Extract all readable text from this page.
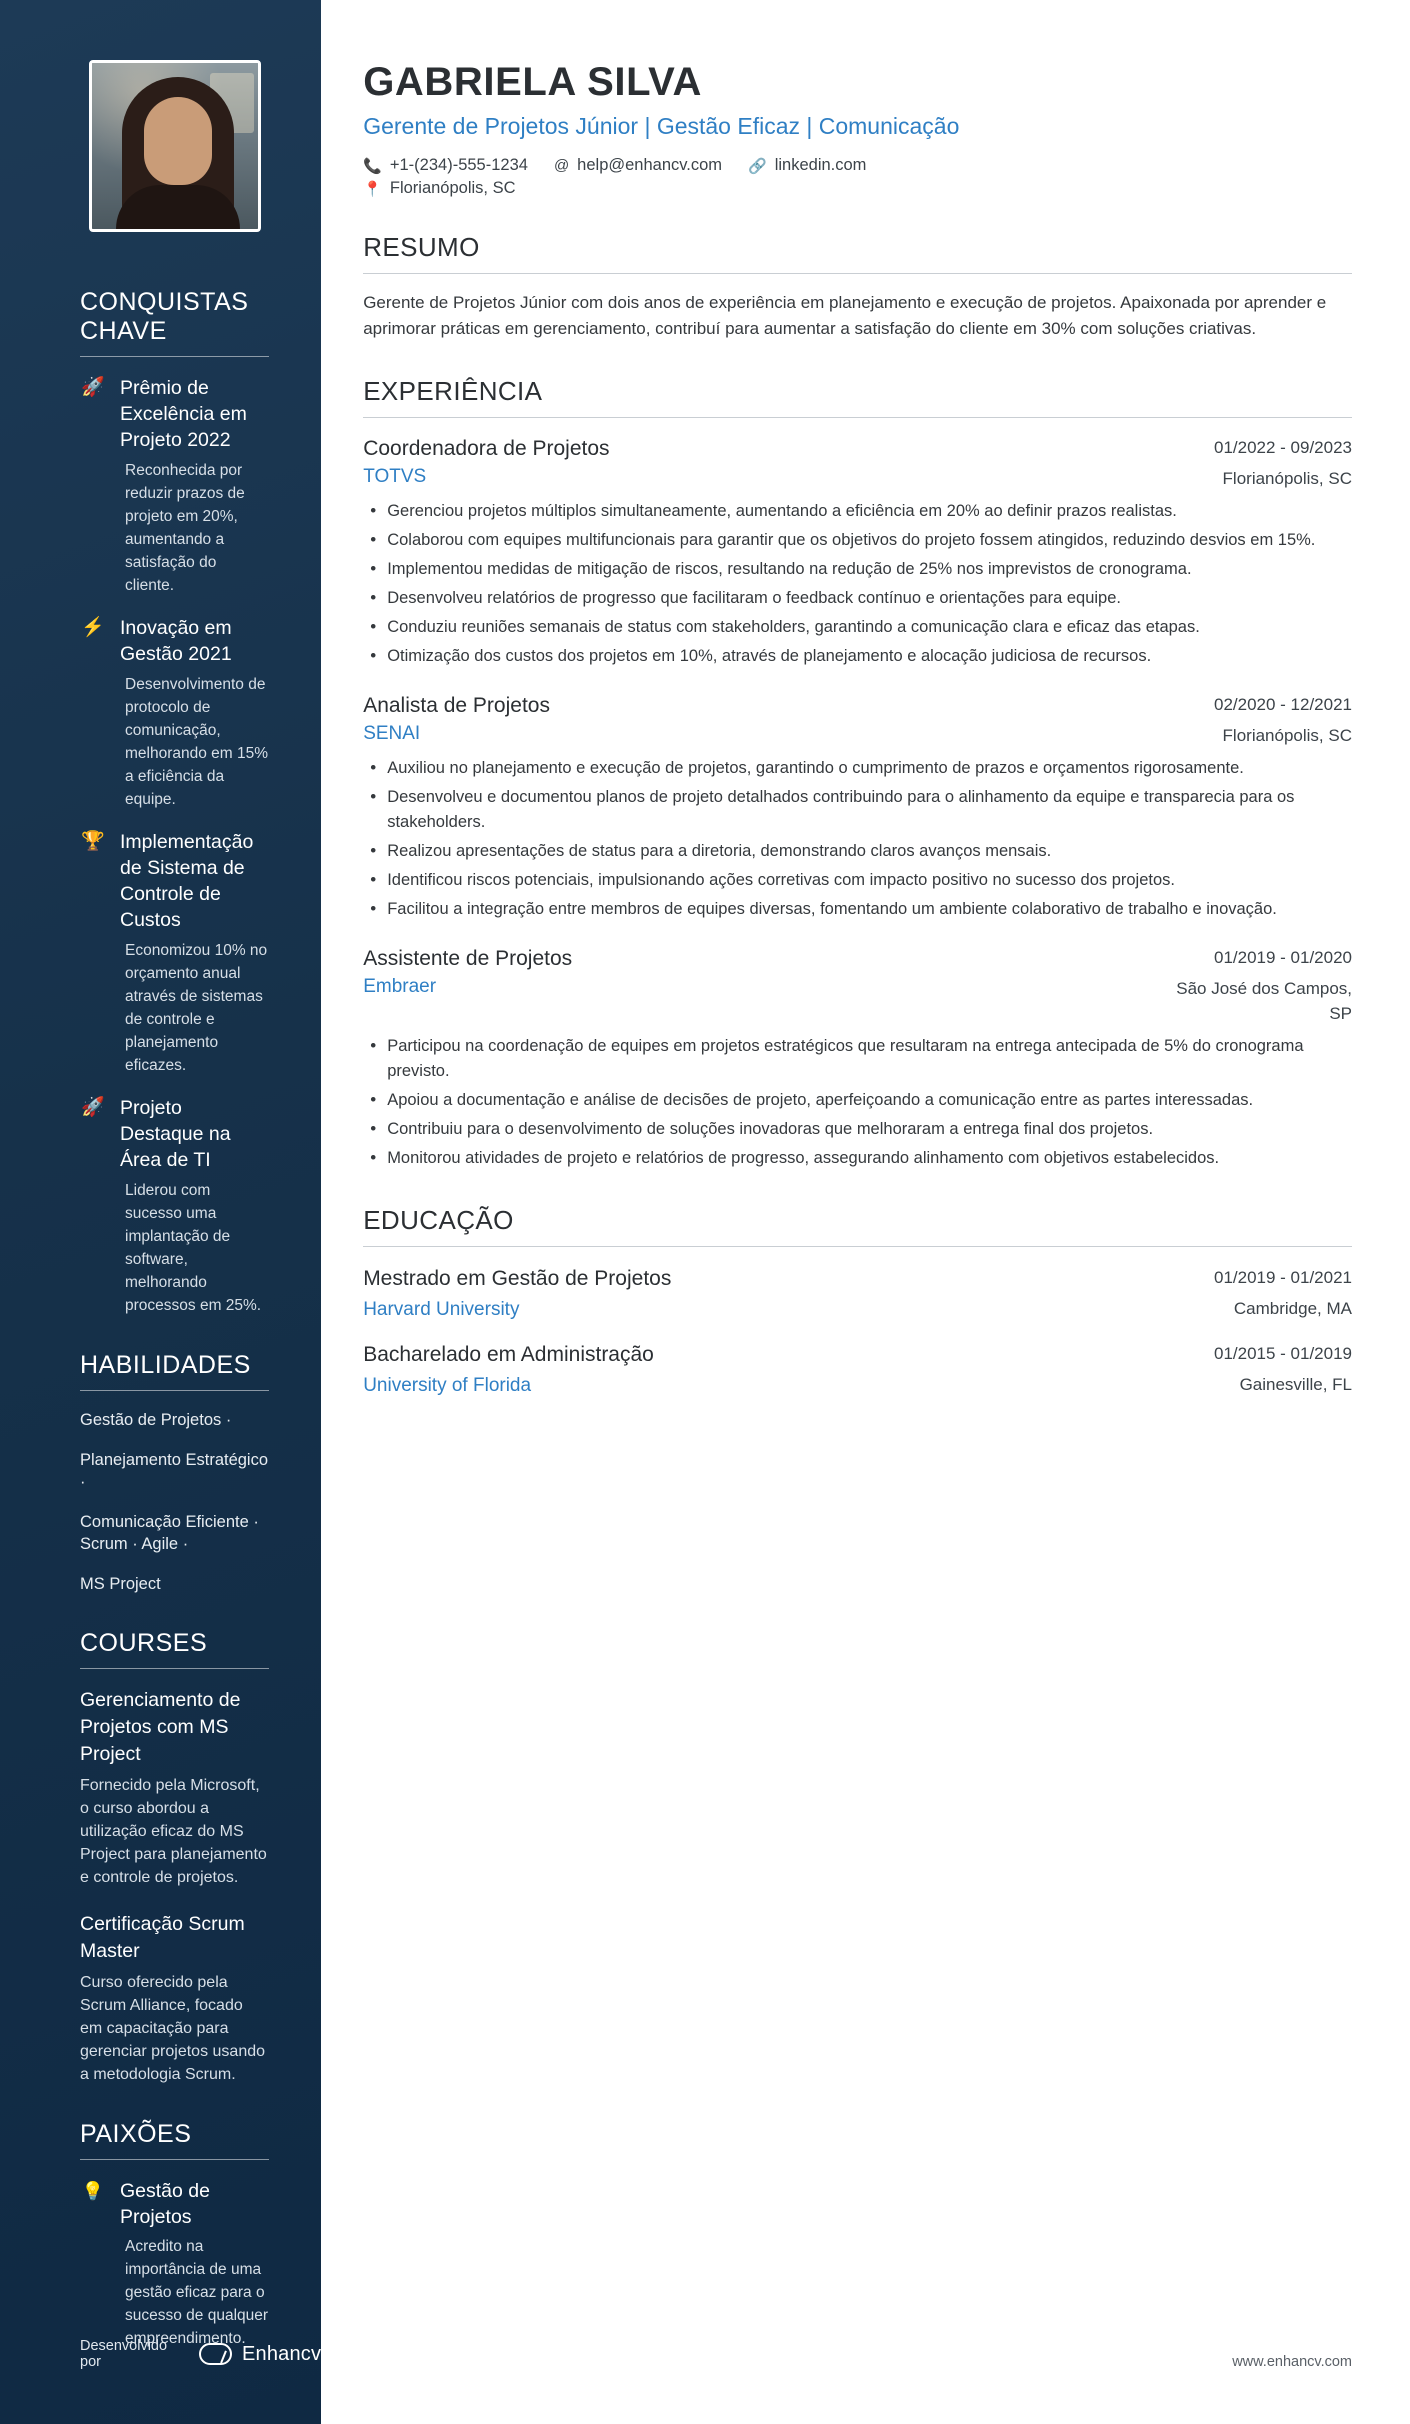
CONQUISTAS CHAVE
🚀 Prêmio de Excelência em Projeto 2022
Reconhecida por reduzir prazos de projeto em 20%, aumentando a satisfação do cliente.
⚡ Inovação em Gestão 2021
Desenvolvimento de protocolo de comunicação, melhorando em 15% a eficiência da equipe.
🏆 Implementação de Sistema de Controle de Custos
Economizou 10% no orçamento anual através de sistemas de controle e planejamento eficazes.
🚀 Projeto Destaque na Área de TI
Liderou com sucesso uma implantação de software, melhorando processos em 25%.
HABILIDADES
Gestão de Projetos ·
Planejamento Estratégico ·
Comunicação Eficiente · Scrum · Agile ·
MS Project
COURSES
Gerenciamento de Projetos com MS Project
Fornecido pela Microsoft, o curso abordou a utilização eficaz do MS Project para planejamento e controle de projetos.
Certificação Scrum Master
Curso oferecido pela Scrum Alliance, focado em capacitação para gerenciar projetos usando a metodologia Scrum.
PAIXÕES
💡 Gestão de Projetos
Acredito na importância de uma gestão eficaz para o sucesso de qualquer empreendimento.
Desenvolvido por	Enhancv
GABRIELA SILVA
Gerente de Projetos Júnior | Gestão Eficaz | Comunicação
📞 +1-(234)-555-1234 @ help@enhancv.com 🔗 linkedin.com
📍 Florianópolis, SC
RESUMO

Gerente de Projetos Júnior com dois anos de experiência em planejamento e execução de projetos. Apaixonada por aprender e aprimorar práticas em gerenciamento, contribuí para aumentar a satisfação do cliente em 30% com soluções criativas.

EXPERIÊNCIA
Coordenadora de Projetos	01/2022 - 09/2023
TOTVS	Florianópolis, SC
• Gerenciou projetos múltiplos simultaneamente, aumentando a eficiência em 20% ao definir prazos realistas.
• Colaborou com equipes multifuncionais para garantir que os objetivos do projeto fossem atingidos, reduzindo desvios em 15%.
• Implementou medidas de mitigação de riscos, resultando na redução de 25% nos imprevistos de cronograma.
• Desenvolveu relatórios de progresso que facilitaram o feedback contínuo e orientações para equipe.
• Conduziu reuniões semanais de status com stakeholders, garantindo a comunicação clara e eficaz das etapas.
• Otimização dos custos dos projetos em 10%, através de planejamento e alocação judiciosa de recursos.
Analista de Projetos	02/2020 - 12/2021
SENAI	Florianópolis, SC
• Auxiliou no planejamento e execução de projetos, garantindo o cumprimento de prazos e orçamentos rigorosamente.
• Desenvolveu e documentou planos de projeto detalhados contribuindo para o alinhamento da equipe e transparecia para os stakeholders.
• Realizou apresentações de status para a diretoria, demonstrando claros avanços mensais.
• Identificou riscos potenciais, impulsionando ações corretivas com impacto positivo no sucesso dos projetos.
• Facilitou a integração entre membros de equipes diversas, fomentando um ambiente colaborativo de trabalho e inovação.
Assistente de Projetos	01/2019 - 01/2020
Embraer	São José dos Campos, SP
• Participou na coordenação de equipes em projetos estratégicos que resultaram na entrega antecipada de 5% do cronograma previsto.
• Apoiou a documentação e análise de decisões de projeto, aperfeiçoando a comunicação entre as partes interessadas.
• Contribuiu para o desenvolvimento de soluções inovadoras que melhoraram a entrega final dos projetos.
• Monitorou atividades de projeto e relatórios de progresso, assegurando alinhamento com objetivos estabelecidos.
EDUCAÇÃO
Mestrado em Gestão de Projetos	01/2019 - 01/2021
Harvard University	Cambridge, MA
Bacharelado em Administração	01/2015 - 01/2019
University of Florida	Gainesville, FL
www.enhancv.com
